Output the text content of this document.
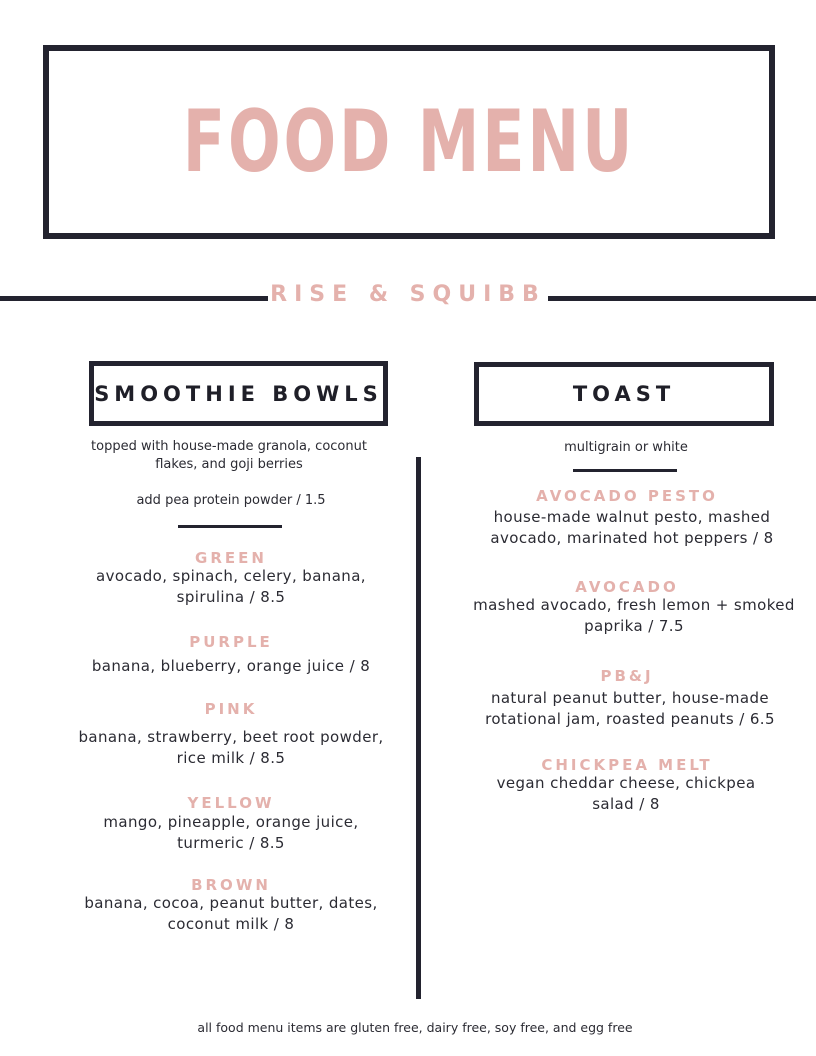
FOOD MENU
RISE & SQUIBB
SMOOTHIE BOWLS
topped with house-made granola, coconut flakes, and goji berries
add pea protein powder / 1.5
GREEN
avocado, spinach, celery, banana, spirulina / 8.5
PURPLE
banana, blueberry, orange juice / 8
PINK
banana, strawberry, beet root powder, rice milk / 8.5
YELLOW
mango, pineapple, orange juice, turmeric / 8.5
BROWN
banana, cocoa, peanut butter, dates, coconut milk / 8
TOAST
multigrain or white
AVOCADO PESTO
house-made walnut pesto, mashed avocado, marinated hot peppers / 8
AVOCADO
mashed avocado, fresh lemon + smoked paprika / 7.5
PB&J
natural peanut butter, house-made rotational jam, roasted peanuts / 6.5
CHICKPEA MELT
vegan cheddar cheese, chickpea salad / 8
all food menu items are gluten free, dairy free, soy free, and egg free
